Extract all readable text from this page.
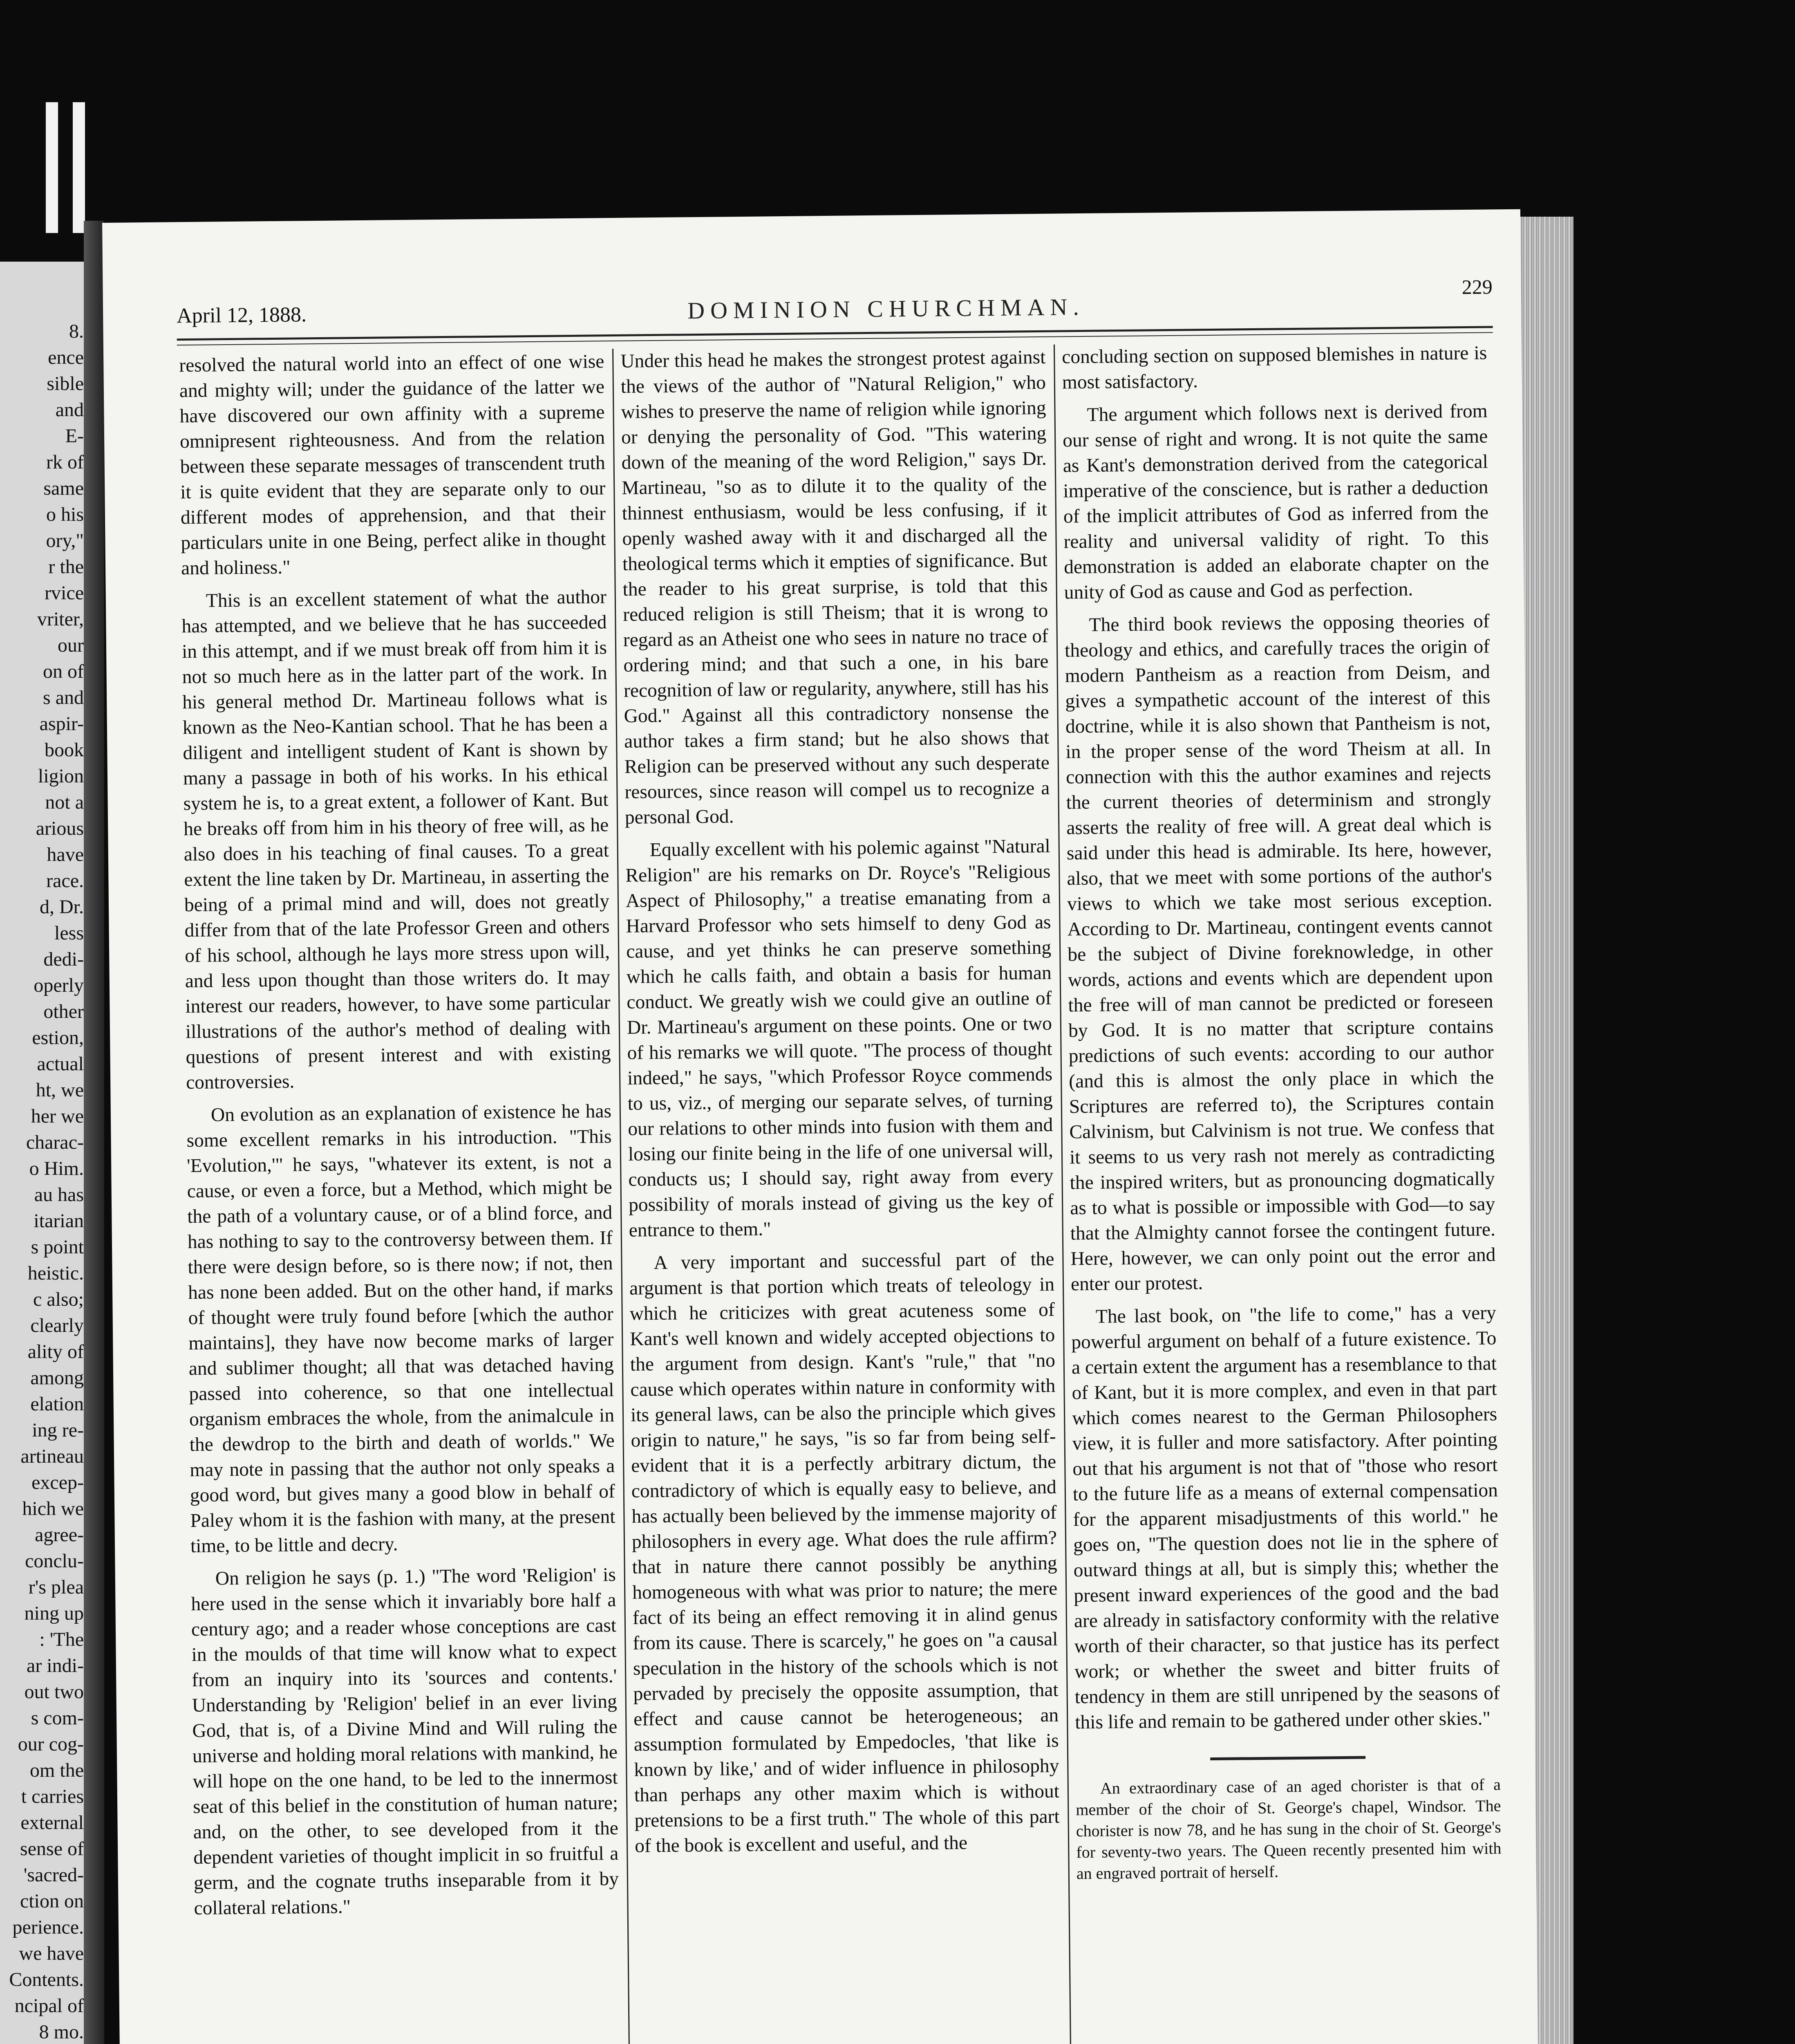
8.
ence
sible
and
E-
rk of
same
o his
ory,"
r the
rvice
vriter,
our
on of
s and
aspir-
book
ligion
not a
arious
have
race.
d, Dr.
less
dedi-
operly
other
estion,
actual
ht, we
her we
charac-
o Him.
au has
itarian
s point
heistic.
c also;
clearly
ality of
among
elation
ing re-
artineau
excep-
hich we
agree-
conclu-
r's plea
ning up
: 'The
ar indi-
out two
s com-
our cog-
om the
t carries
external
sense of
'sacred-
ction on
perience.
we have
Contents.
ncipal of
8 mo.
April 12, 1888.	DOMINION CHURCHMAN.
229

resolved the natural world into an effect of one wise and mighty will; under the guidance of the latter we have discovered our own affinity with a supreme omnipresent righteousness. And from the relation between these separate messages of transcendent truth it is quite evident that they are separate only to our different modes of apprehension, and that their particulars unite in one Being, perfect alike in thought and holiness."

This is an excellent statement of what the author has attempted, and we believe that he has succeeded in this attempt, and if we must break off from him it is not so much here as in the latter part of the work. In his general method Dr. Martineau follows what is known as the Neo-Kantian school. That he has been a diligent and intelligent student of Kant is shown by many a passage in both of his works. In his ethical system he is, to a great extent, a follower of Kant. But he breaks off from him in his theory of free will, as he also does in his teaching of final causes. To a great extent the line taken by Dr. Martineau, in asserting the being of a primal mind and will, does not greatly differ from that of the late Professor Green and others of his school, although he lays more stress upon will, and less upon thought than those writers do. It may interest our readers, however, to have some particular illustrations of the author's method of dealing with questions of present interest and with existing controversies.

On evolution as an explanation of existence he has some excellent remarks in his introduction. "This 'Evolution,'" he says, "whatever its extent, is not a cause, or even a force, but a Method, which might be the path of a voluntary cause, or of a blind force, and has nothing to say to the controversy between them. If there were design before, so is there now; if not, then has none been added. But on the other hand, if marks of thought were truly found before [which the author maintains], they have now become marks of larger and sublimer thought; all that was detached having passed into coherence, so that one intellectual organism embraces the whole, from the animalcule in the dewdrop to the birth and death of worlds." We may note in passing that the author not only speaks a good word, but gives many a good blow in behalf of Paley whom it is the fashion with many, at the present time, to be little and decry.

On religion he says (p. 1.) "The word 'Religion' is here used in the sense which it invariably bore half a century ago; and a reader whose conceptions are cast in the moulds of that time will know what to expect from an inquiry into its 'sources and contents.' Understanding by 'Religion' belief in an ever living God, that is, of a Divine Mind and Will ruling the universe and holding moral relations with mankind, he will hope on the one hand, to be led to the innermost seat of this belief in the constitution of human nature; and, on the other, to see developed from it the dependent varieties of thought implicit in so fruitful a germ, and the cognate truths inseparable from it by collateral relations."

Under this head he makes the strongest protest against the views of the author of "Natural Religion," who wishes to preserve the name of religion while ignoring or denying the personality of God. "This watering down of the meaning of the word Religion," says Dr. Martineau, "so as to dilute it to the quality of the thinnest enthusiasm, would be less confusing, if it openly washed away with it and discharged all the theological terms which it empties of significance. But the reader to his great surprise, is told that this reduced religion is still Theism; that it is wrong to regard as an Atheist one who sees in nature no trace of ordering mind; and that such a one, in his bare recognition of law or regularity, anywhere, still has his God." Against all this contradictory nonsense the author takes a firm stand; but he also shows that Religion can be preserved without any such desperate resources, since reason will compel us to recognize a personal God.

Equally excellent with his polemic against "Natural Religion" are his remarks on Dr. Royce's "Religious Aspect of Philosophy," a treatise emanating from a Harvard Professor who sets himself to deny God as cause, and yet thinks he can preserve something which he calls faith, and obtain a basis for human conduct. We greatly wish we could give an outline of Dr. Martineau's argument on these points. One or two of his remarks we will quote. "The process of thought indeed," he says, "which Professor Royce commends to us, viz., of merging our separate selves, of turning our relations to other minds into fusion with them and losing our finite being in the life of one universal will, conducts us; I should say, right away from every possibility of morals instead of giving us the key of entrance to them."

A very important and successful part of the argument is that portion which treats of teleology in which he criticizes with great acuteness some of Kant's well known and widely accepted objections to the argument from design. Kant's "rule," that "no cause which operates within nature in conformity with its general laws, can be also the principle which gives origin to nature," he says, "is so far from being self-evident that it is a perfectly arbitrary dictum, the contradictory of which is equally easy to believe, and has actually been believed by the immense majority of philosophers in every age. What does the rule affirm? that in nature there cannot possibly be anything homogeneous with what was prior to nature; the mere fact of its being an effect removing it in alind genus from its cause. There is scarcely," he goes on "a causal speculation in the history of the schools which is not pervaded by precisely the opposite assumption, that effect and cause cannot be heterogeneous; an assumption formulated by Empedocles, 'that like is known by like,' and of wider influence in philosophy than perhaps any other maxim which is without pretensions to be a first truth." The whole of this part of the book is excellent and useful, and the

concluding section on supposed blemishes in nature is most satisfactory.

The argument which follows next is derived from our sense of right and wrong. It is not quite the same as Kant's demonstration derived from the categorical imperative of the conscience, but is rather a deduction of the implicit attributes of God as inferred from the reality and universal validity of right. To this demonstration is added an elaborate chapter on the unity of God as cause and God as perfection.

The third book reviews the opposing theories of theology and ethics, and carefully traces the origin of modern Pantheism as a reaction from Deism, and gives a sympathetic account of the interest of this doctrine, while it is also shown that Pantheism is not, in the proper sense of the word Theism at all. In connection with this the author examines and rejects the current theories of determinism and strongly asserts the reality of free will. A great deal which is said under this head is admirable. Its here, however, also, that we meet with some portions of the author's views to which we take most serious exception. According to Dr. Martineau, contingent events cannot be the subject of Divine foreknowledge, in other words, actions and events which are dependent upon the free will of man cannot be predicted or foreseen by God. It is no matter that scripture contains predictions of such events: according to our author (and this is almost the only place in which the Scriptures are referred to), the Scriptures contain Calvinism, but Calvinism is not true. We confess that it seems to us very rash not merely as contradicting the inspired writers, but as pronouncing dogmatically as to what is possible or impossible with God—to say that the Almighty cannot forsee the contingent future. Here, however, we can only point out the error and enter our protest.

The last book, on "the life to come," has a very powerful argument on behalf of a future existence. To a certain extent the argument has a resemblance to that of Kant, but it is more complex, and even in that part which comes nearest to the German Philosophers view, it is fuller and more satisfactory. After pointing out that his argument is not that of "those who resort to the future life as a means of external compensation for the apparent misadjustments of this world." he goes on, "The question does not lie in the sphere of outward things at all, but is simply this; whether the present inward experiences of the good and the bad are already in satisfactory conformity with the relative worth of their character, so that justice has its perfect work; or whether the sweet and bitter fruits of tendency in them are still unripened by the seasons of this life and remain to be gathered under other skies."

An extraordinary case of an aged chorister is that of a member of the choir of St. George's chapel, Windsor. The chorister is now 78, and he has sung in the choir of St. George's for seventy-two years. The Queen recently presented him with an engraved portrait of herself.
